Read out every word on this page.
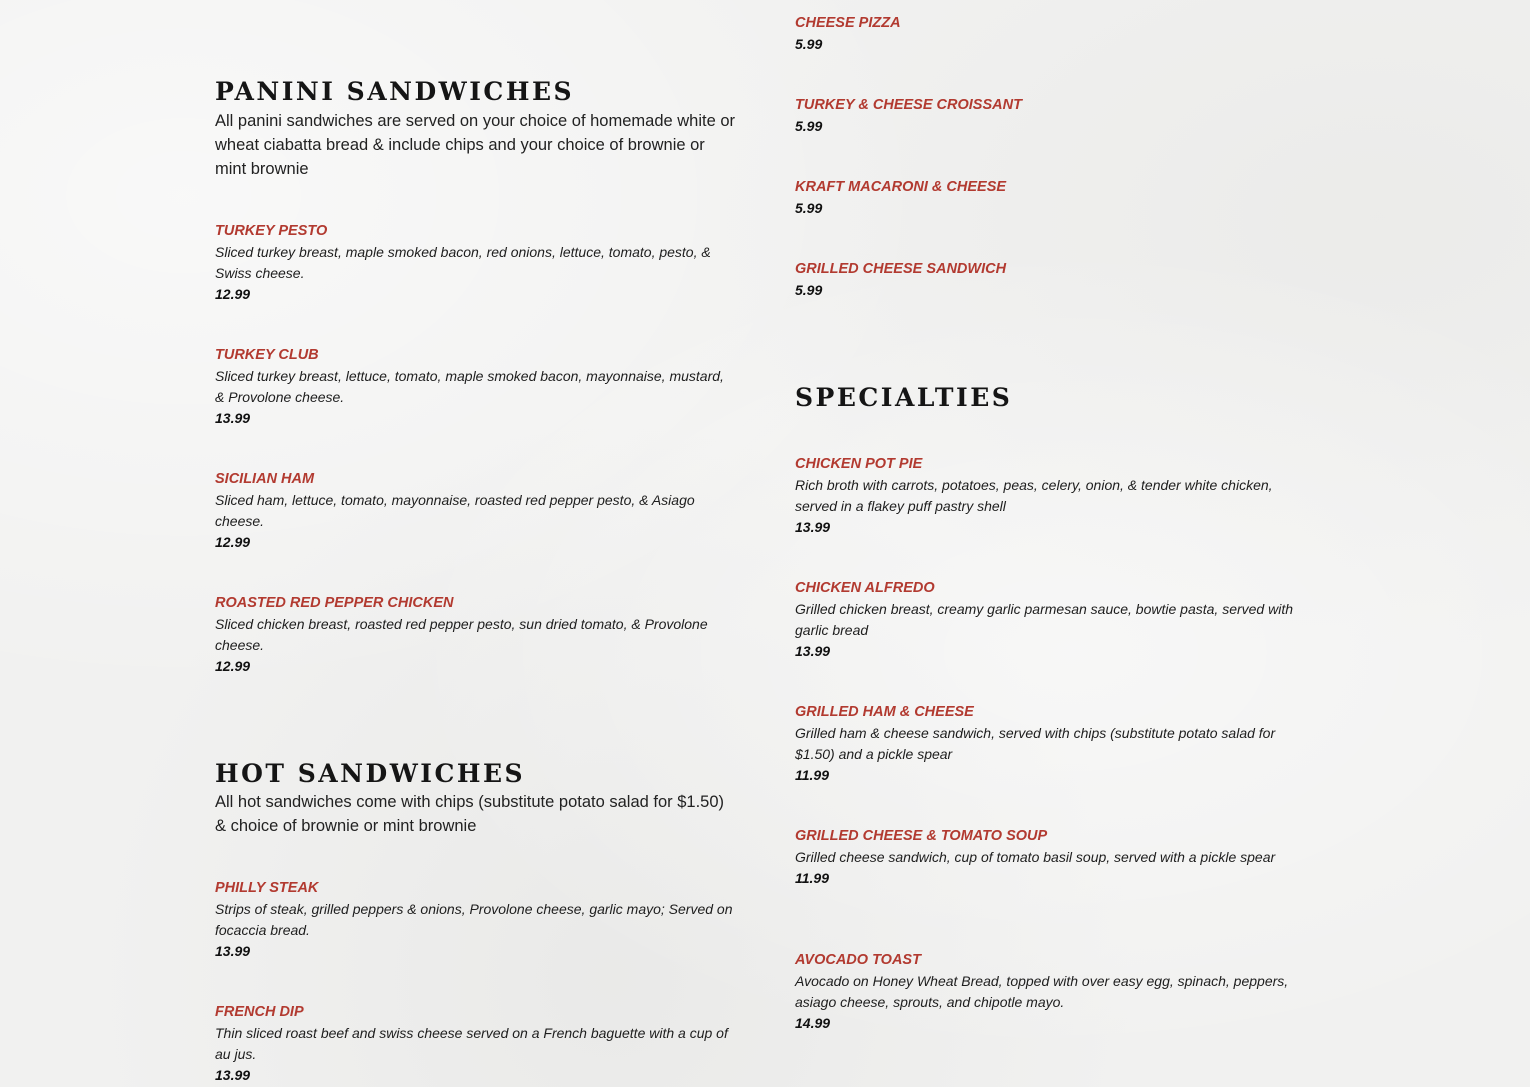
PANINI SANDWICHES

All panini sandwiches are served on your choice of homemade white or wheat ciabatta bread & include chips and your choice of brownie or mint brownie

TURKEY PESTO
Sliced turkey breast, maple smoked bacon, red onions, lettuce, tomato, pesto, & Swiss cheese.
12.99
TURKEY CLUB
Sliced turkey breast, lettuce, tomato, maple smoked bacon, mayonnaise, mustard, & Provolone cheese.
13.99
SICILIAN HAM
Sliced ham, lettuce, tomato, mayonnaise, roasted red pepper pesto, & Asiago cheese.
12.99
ROASTED RED PEPPER CHICKEN
Sliced chicken breast, roasted red pepper pesto, sun dried tomato, & Provolone cheese.
12.99
HOT SANDWICHES

All hot sandwiches come with chips (substitute potato salad for $1.50) & choice of brownie or mint brownie

PHILLY STEAK
Strips of steak, grilled peppers & onions, Provolone cheese, garlic mayo; Served on focaccia bread.
13.99
FRENCH DIP
Thin sliced roast beef and swiss cheese served on a French baguette with a cup of au jus.
13.99
CHEESE PIZZA
5.99
TURKEY & CHEESE CROISSANT
5.99
KRAFT MACARONI & CHEESE
5.99
GRILLED CHEESE SANDWICH
5.99
SPECIALTIES
CHICKEN POT PIE
Rich broth with carrots, potatoes, peas, celery, onion, & tender white chicken, served in a flakey puff pastry shell
13.99
CHICKEN ALFREDO
Grilled chicken breast, creamy garlic parmesan sauce, bowtie pasta, served with garlic bread
13.99
GRILLED HAM & CHEESE
Grilled ham & cheese sandwich, served with chips (substitute potato salad for $1.50) and a pickle spear
11.99
GRILLED CHEESE & TOMATO SOUP
Grilled cheese sandwich, cup of tomato basil soup, served with a pickle spear
11.99
AVOCADO TOAST
Avocado on Honey Wheat Bread, topped with over easy egg, spinach, peppers, asiago cheese, sprouts, and chipotle mayo.
14.99
